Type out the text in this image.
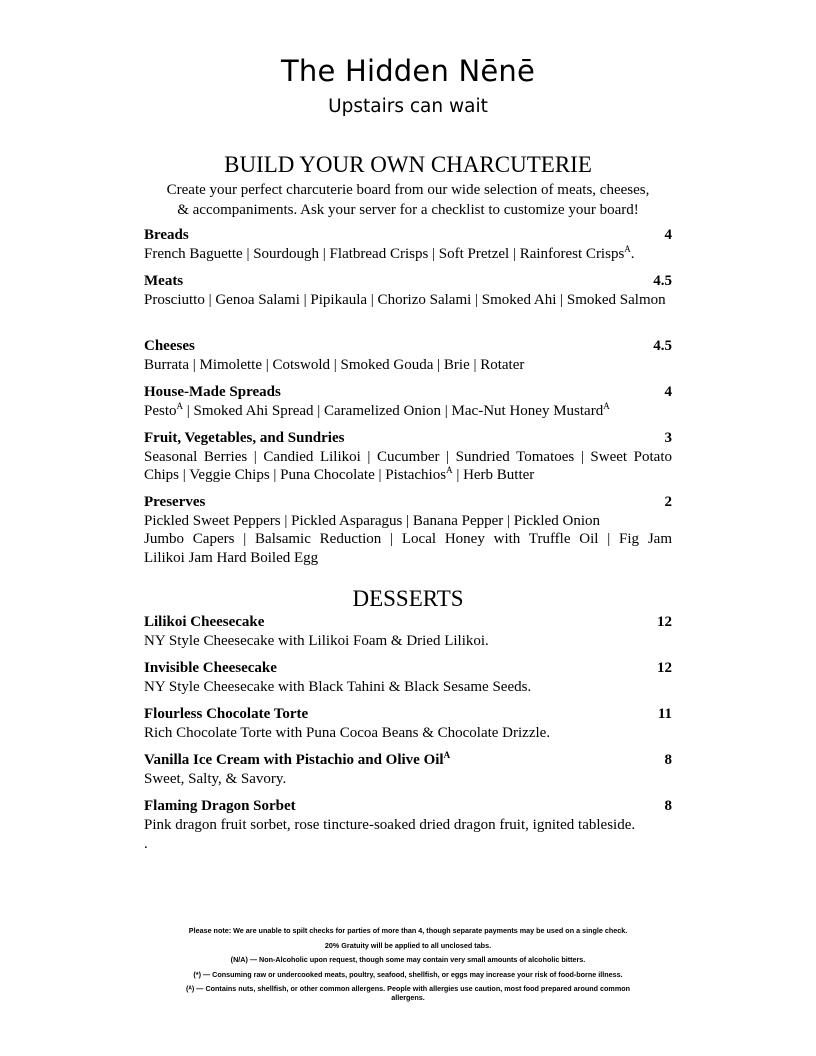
The Hidden Nēnē
Upstairs can wait
BUILD YOUR OWN CHARCUTERIE
Create your perfect charcuterie board from our wide selection of meats, cheeses,
& accompaniments. Ask your server for a checklist to customize your board!
Breads	4
French Baguette | Sourdough | Flatbread Crisps | Soft Pretzel | Rainforest Crisps$^A$.
Meats	4.5
Prosciutto | Genoa Salami | Pipikaula | Chorizo Salami | Smoked Ahi | Smoked Salmon
Cheeses	4.5
Burrata | Mimolette | Cotswold | Smoked Gouda | Brie | Rotater
House-Made Spreads	4
Pesto$^A$ | Smoked Ahi Spread | Caramelized Onion | Mac-Nut Honey Mustard$^A$
Fruit, Vegetables, and Sundries	3
Seasonal Berries | Candied Lilikoi | Cucumber | Sundried Tomatoes | Sweet Potato Chips | Veggie Chips | Puna Chocolate | Pistachios$^A$ | Herb Butter
Preserves	2
Pickled Sweet Peppers | Pickled Asparagus | Banana Pepper | Pickled Onion
Jumbo Capers | Balsamic Reduction | Local Honey with Truffle Oil | Fig Jam
Lilikoi Jam Hard Boiled Egg
DESSERTS
Lilikoi Cheesecake	12
NY Style Cheesecake with Lilikoi Foam & Dried Lilikoi.
Invisible Cheesecake	12
NY Style Cheesecake with Black Tahini & Black Sesame Seeds.
Flourless Chocolate Torte	11
Rich Chocolate Torte with Puna Cocoa Beans & Chocolate Drizzle.
Vanilla Ice Cream with Pistachio and Olive Oil$^A$	8
Sweet, Salty, & Savory.
Flaming Dragon Sorbet	8
Pink dragon fruit sorbet, rose tincture-soaked dried dragon fruit, ignited tableside.
.
Please note: We are unable to spilt checks for parties of more than 4, though separate payments may be used on a single check.
20% Gratuity will be applied to all unclosed tabs.
(N/A) — Non-Alcoholic upon request, though some may contain very small amounts of alcoholic bitters.
(*) — Consuming raw or undercooked meats, poultry, seafood, shellfish, or eggs may increase your risk of food-borne illness.
(ᴬ) — Contains nuts, shellfish, or other common allergens. People with allergies use caution, most food prepared around common
allergens.
